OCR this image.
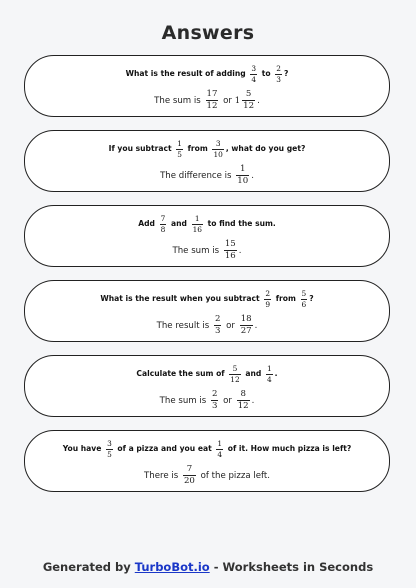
Answers
What is the result of adding $\frac{3}{4}$ to $\frac{2}{3}$ ?
The sum is $\frac{17}{12}$ or $1 \frac{5}{12}$ .
If you subtract $\frac{1}{5}$ from $\frac{3}{10}$ , what do you get?
The difference is $\frac{1}{10}$ .
Add $\frac{7}{8}$ and $\frac{1}{16}$ to find the sum.
The sum is $\frac{15}{16}$ .
What is the result when you subtract $\frac{2}{9}$ from $\frac{5}{6}$ ?
The result is $\frac{2}{3}$ or $\frac{18}{27}$ .
Calculate the sum of $\frac{5}{12}$ and $\frac{1}{4}$ .
The sum is $\frac{2}{3}$ or $\frac{8}{12}$ .
You have $\frac{3}{5}$ of a pizza and you eat $\frac{1}{4}$ of it. How much pizza is left?
There is $\frac{7}{20}$ of the pizza left.
Generated by TurboBot.io - Worksheets in Seconds
